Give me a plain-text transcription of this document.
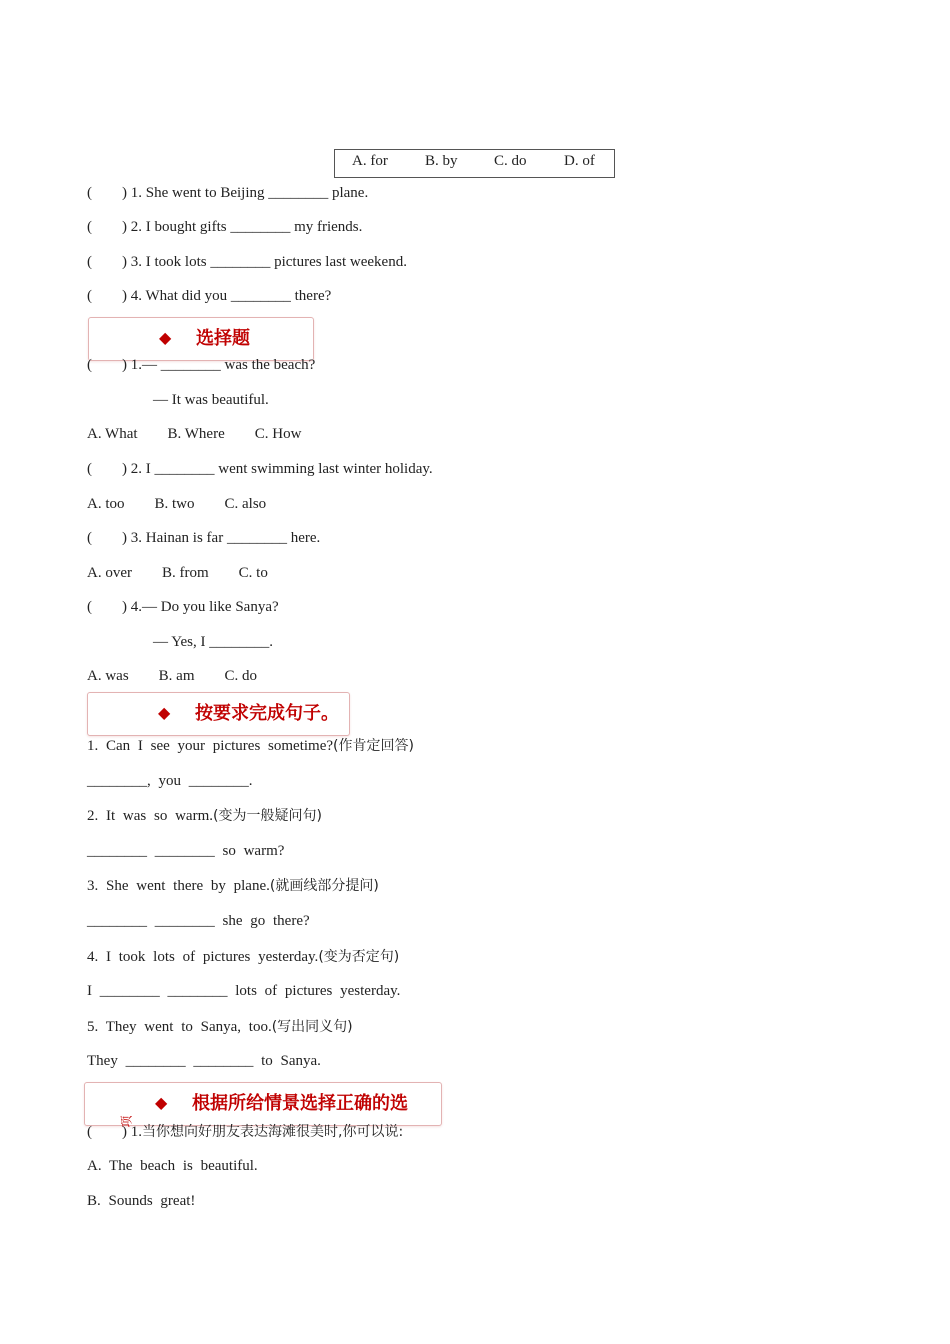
A. for B. by C. do D. of
(        ) 1. She went to Beijing ________ plane.
(        ) 2. I bought gifts ________ my friends.
(        ) 3. I took lots ________ pictures last weekend.
(        ) 4. What did you ________ there?
◆ 选择题
(        ) 1.— ________ was the beach?
— It was beautiful.
A. What        B. Where        C. How
(        ) 2. I ________ went swimming last winter holiday.
A. too        B. two        C. also
(        ) 3. Hainan is far ________ here.
A. over        B. from        C. to
(        ) 4.— Do you like Sanya?
— Yes, I ________.
A. was        B. am        C. do
◆ 按要求完成句子。
1. Can I see your pictures sometime?(作肯定回答)
________, you ________.
2. It was so warm.(变为一般疑问句)
________ ________ so warm?
3. She went there by plane.(就画线部分提问)
________ ________ she go there?
4. I took lots of pictures yesterday.(变为否定句)
I ________ ________ lots of pictures yesterday.
5. They went to Sanya, too.(写出同义句)
They ________ ________ to Sanya.
◆ 根据所给情景选择正确的选
项
(        ) 1.当你想向好朋友表达海滩很美时,你可以说:
A. The beach is beautiful.
B. Sounds great!
